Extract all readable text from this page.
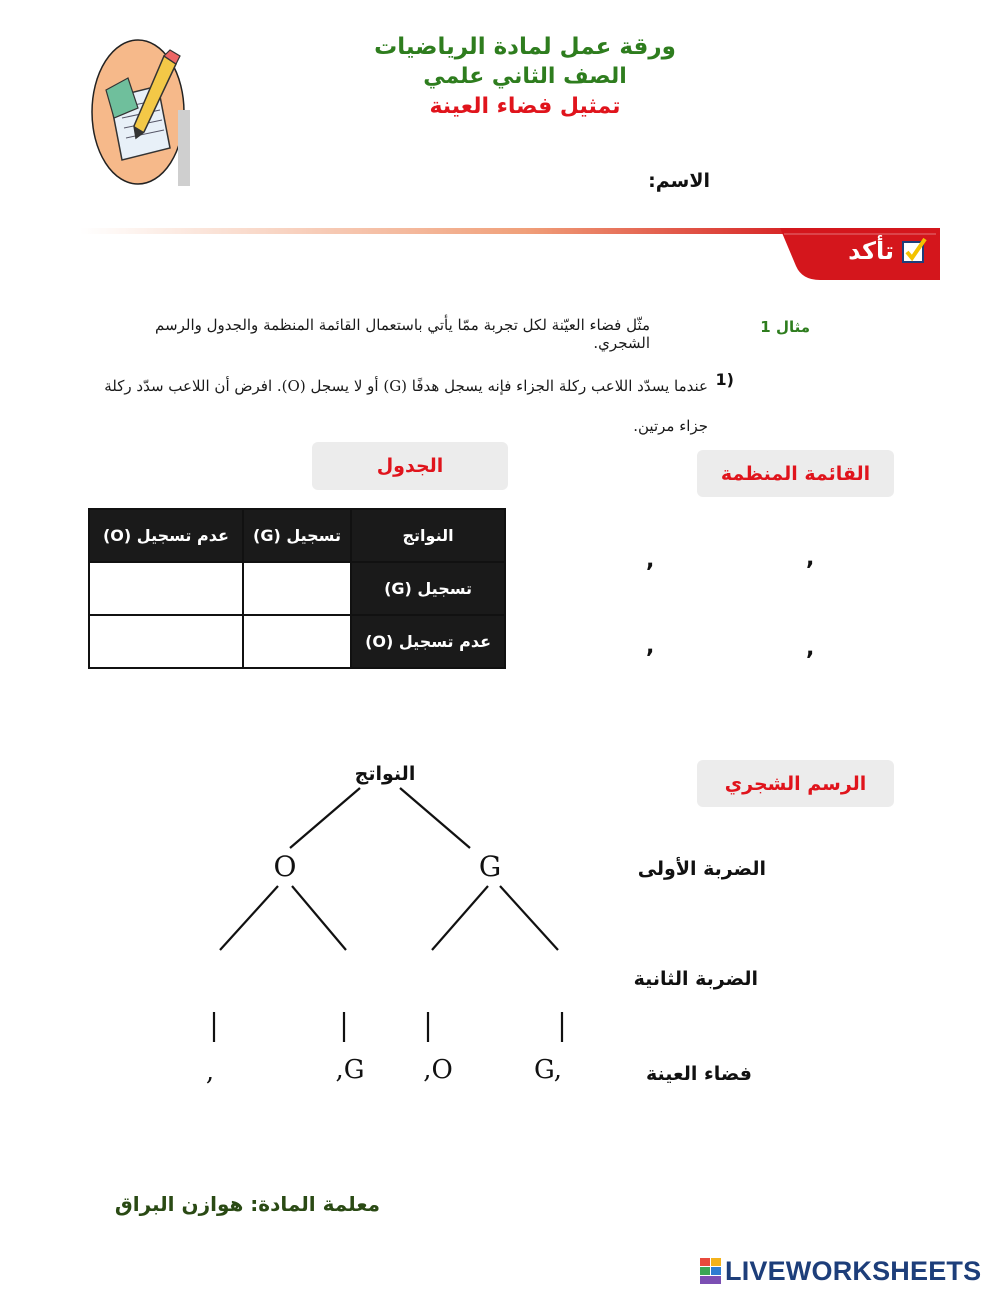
ورقة عمل لمادة الرياضيات
الصف الثاني علمي
تمثيل فضاء العينة
الاسم:
تأكد
مثال 1
مثّل فضاء العيّنة لكل تجربة ممّا يأتي باستعمال القائمة المنظمة والجدول والرسم الشجري.
1)
عندما يسدّد اللاعب ركلة الجزاء فإنه يسجل هدفًا (G) أو لا يسجل (O). افرض أن اللاعب سدّد ركلة جزاء مرتين.
الجدول	القائمة المنظمة
الرسم الشجري
عدم تسجيل (O)	تسجيل (G)	النواتج
		تسجيل (G)
		عدم تسجيل (O)
,	,
,	,
النواتج
O	G
,	,G ,O	G,
الضربة الأولى
الضربة الثانية
فضاء العينة
معلمة المادة: هوازن البراق
LIVEWORKSHEETS
